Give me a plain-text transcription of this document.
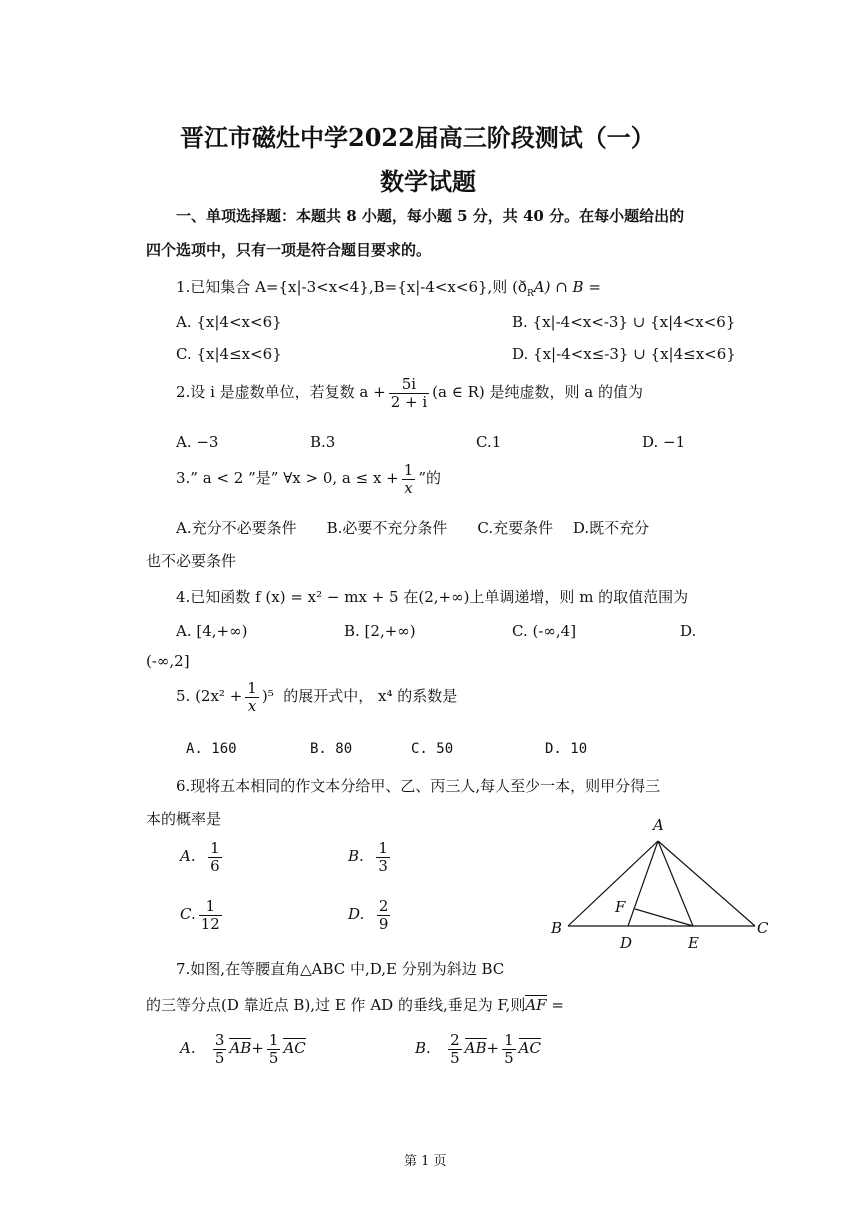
晋江市磁灶中学2022届高三阶段测试（一）
数学试题
一、单项选择题：本题共 8 小题，每小题 5 分，共 40 分。在每小题给出的
四个选项中，只有一项是符合题目要求的。
1.已知集合 A={x|-3<x<4},B={x|-4<x<6},则 $(ð_RA)$ ∩ B =
A. {x|4<x<6}	B. {x|-4<x<-3} ∪ {x|4<x<6}
C. {x|4≤x<6}	D. {x|-4<x≤-3} ∪ {x|4≤x<6}
2.设 i 是虚数单位，若复数 $a + \frac{5i}{2 + i} (a$ ∈ R) 是纯虚数，则 a 的值为
A. −3	B.3	C.1	D. −1
3.” a < 2 ”是” ∀x > 0, $a \le x + \frac{1}{x}$ ”的
A.充分不必要条件　　B.必要不充分条件　　C.充要条件　 D.既不充分
也不必要条件
4.已知函数 f (x) = x² − mx + 5 在(2,+∞)上单调递增，则 m 的取值范围为
A. [4,+∞)	B. [2,+∞)	C. (-∞,4]	D.
(-∞,2]
5. $(2x^2 + \frac{1}{x} )^5$ 的展开式中， x⁴ 的系数是
A. 160	B. 80	C. 50	D. 10
6.现将五本相同的作文本分给甲、乙、丙三人,每人至少一本，则甲分得三
本的概率是
A. $\frac{1}{6}$	B. $\frac{1}{3}$
C. $\frac{1}{12}$	D. $\frac{2}{9}$
A
B	C
D	E
F
7.如图,在等腰直角△ABC 中,D,E 分别为斜边 BC
的三等分点(D 靠近点 B),过 E 作 AD 的垂线,垂足为 F,则AF =
A. $\frac{3}{5} AB+ \frac{1}{5}$ AC	B. $\frac{2}{5} AB+ \frac{1}{5}$ AC
第 1 页
